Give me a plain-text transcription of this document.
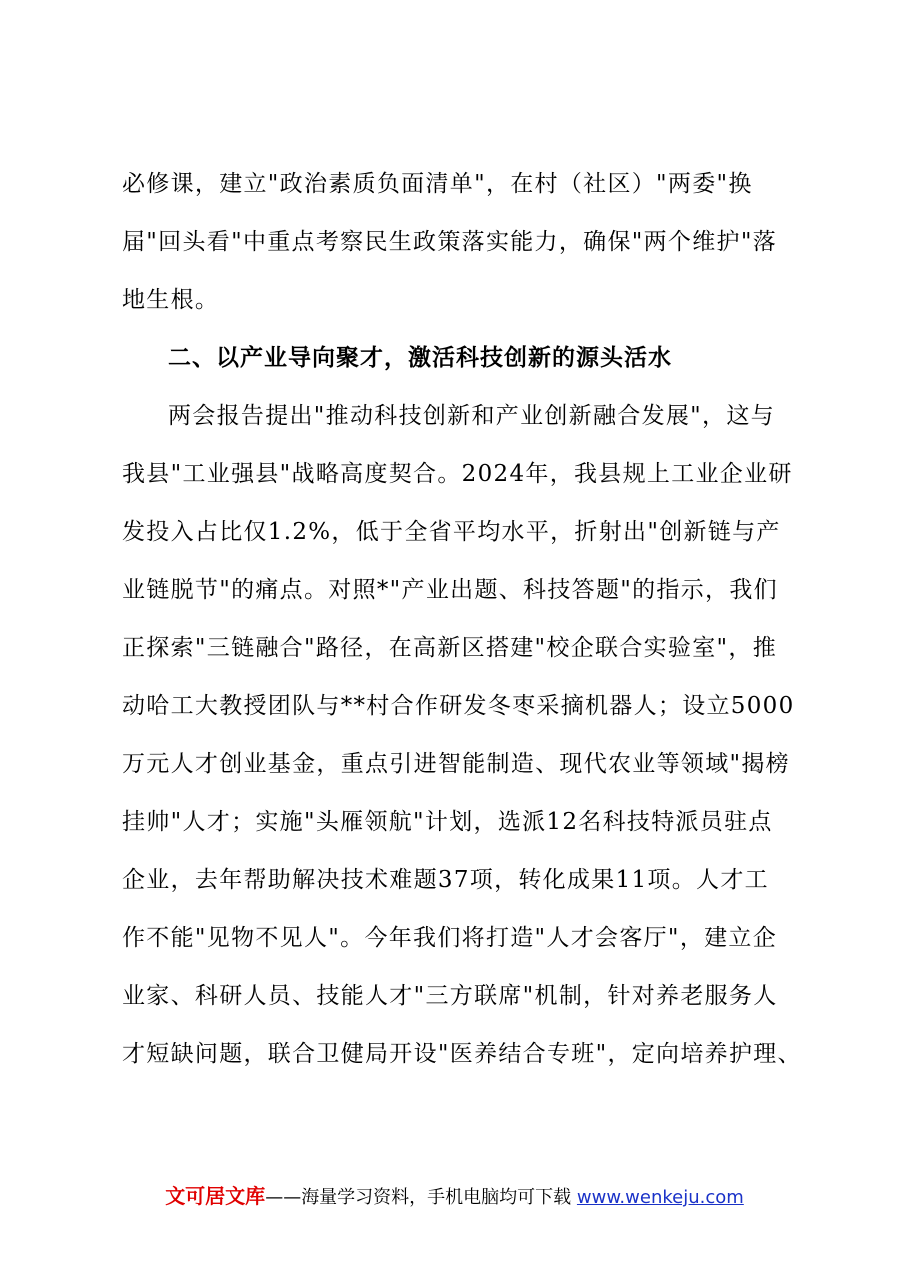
必修课，建立"政治素质负面清单"，在村（社区）"两委"换
届"回头看"中重点考察民生政策落实能力，确保"两个维护"落
地生根。
二、以产业导向聚才，激活科技创新的源头活水
两会报告提出"推动科技创新和产业创新融合发展"，这与
我县"工业强县"战略高度契合。2024年，我县规上工业企业研
发投入占比仅1.2%，低于全省平均水平，折射出"创新链与产
业链脱节"的痛点。对照*"产业出题、科技答题"的指示，我们
正探索"三链融合"路径，在高新区搭建"校企联合实验室"，推
动哈工大教授团队与**村合作研发冬枣采摘机器人；设立5000
万元人才创业基金，重点引进智能制造、现代农业等领域"揭榜
挂帅"人才；实施"头雁领航"计划，选派12名科技特派员驻点
企业，去年帮助解决技术难题37项，转化成果11项。人才工
作不能"见物不见人"。今年我们将打造"人才会客厅"，建立企
业家、科研人员、技能人才"三方联席"机制，针对养老服务人
才短缺问题，联合卫健局开设"医养结合专班"，定向培养护理、
文可居文库——海量学习资料，手机电脑均可下载 www.wenkeju.com
